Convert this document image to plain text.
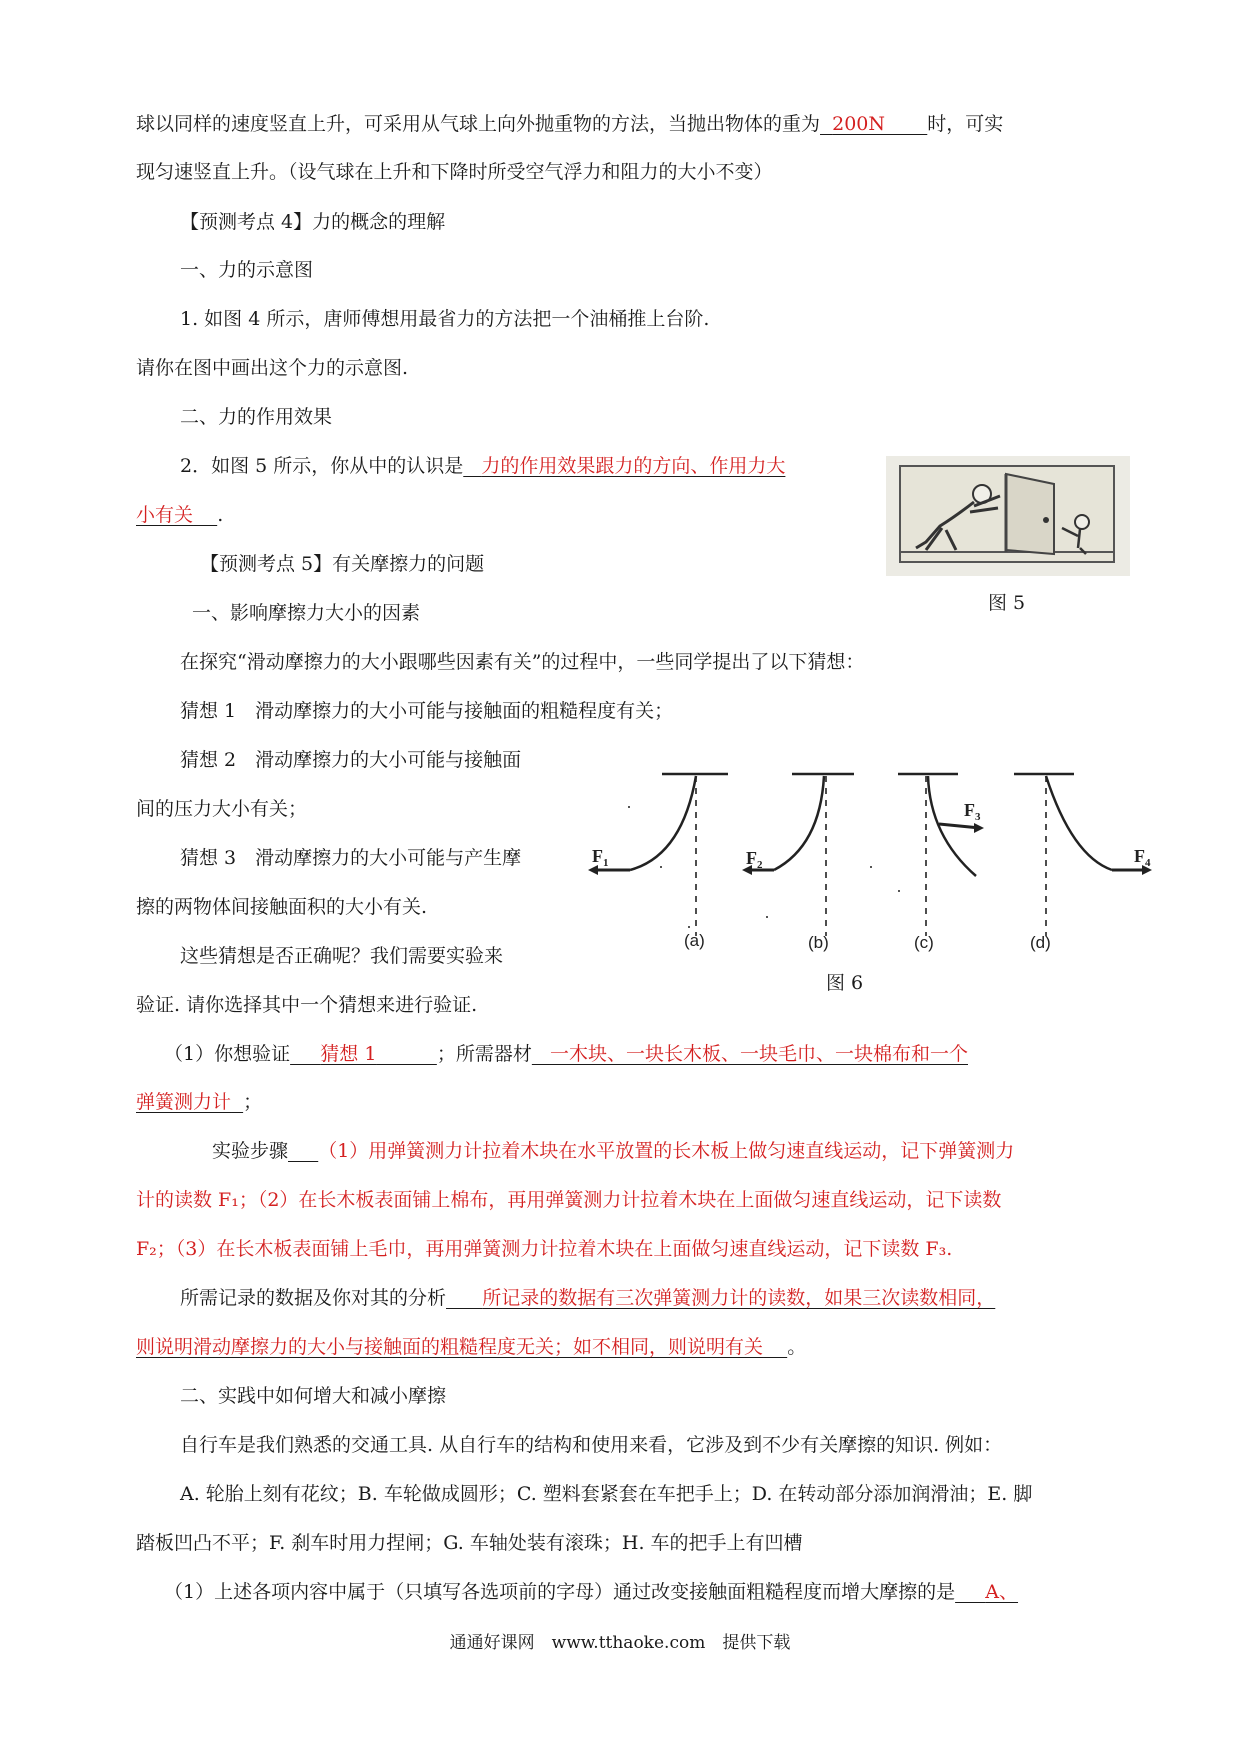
球以同样的速度竖直上升，可采用从气球上向外抛重物的方法，当抛出物体的重为 200N 时，可实
现匀速竖直上升。（设气球在上升和下降时所受空气浮力和阻力的大小不变）
【预测考点 4】力的概念的理解
一、力的示意图
1. 如图 4 所示，唐师傅想用最省力的方法把一个油桶推上台阶.
请你在图中画出这个力的示意图.
二、力的作用效果
2．如图 5 所示，你从中的认识是 力的作用效果跟力的方向、作用力大
小有关 .
图 5
【预测考点 5】有关摩擦力的问题
一、影响摩擦力大小的因素
在探究“滑动摩擦力的大小跟哪些因素有关”的过程中，一些同学提出了以下猜想：
猜想 1　滑动摩擦力的大小可能与接触面的粗糙程度有关；
猜想 2　滑动摩擦力的大小可能与接触面
间的压力大小有关；
猜想 3　滑动摩擦力的大小可能与产生摩
擦的两物体间接触面积的大小有关.
这些猜想是否正确呢？我们需要实验来
验证. 请你选择其中一个猜想来进行验证.
$F_1$	$F_2$
$F_3$
$F_4$
(a)	(b)	(c)	(d)
图 6
（1）你想验证 猜想 1	；所需器材 一木块、一块长木板、一块毛巾、一块棉布和一个
弹簧测力计 ；
实验步骤 （1）用弹簧测力计拉着木块在水平放置的长木板上做匀速直线运动，记下弹簧测力
计的读数 F₁；（2）在长木板表面铺上棉布，再用弹簧测力计拉着木块在上面做匀速直线运动，记下读数
F₂；（3）在长木板表面铺上毛巾，再用弹簧测力计拉着木块在上面做匀速直线运动，记下读数 F₃.
所需记录的数据及你对其的分析 所记录的数据有三次弹簧测力计的读数，如果三次读数相同，
则说明滑动摩擦力的大小与接触面的粗糙程度无关；如不相同，则说明有关 。
二、实践中如何增大和减小摩擦
自行车是我们熟悉的交通工具. 从自行车的结构和使用来看，它涉及到不少有关摩擦的知识. 例如：
A. 轮胎上刻有花纹；B. 车轮做成圆形；C. 塑料套紧套在车把手上；D. 在转动部分添加润滑油；E. 脚
踏板凹凸不平；F. 刹车时用力捏闸；G. 车轴处装有滚珠；H. 车的把手上有凹槽
（1）上述各项内容中属于（只填写各选项前的字母）通过改变接触面粗糙程度而增大摩擦的是 A、
通通好课网　www.tthaoke.com　提供下载
